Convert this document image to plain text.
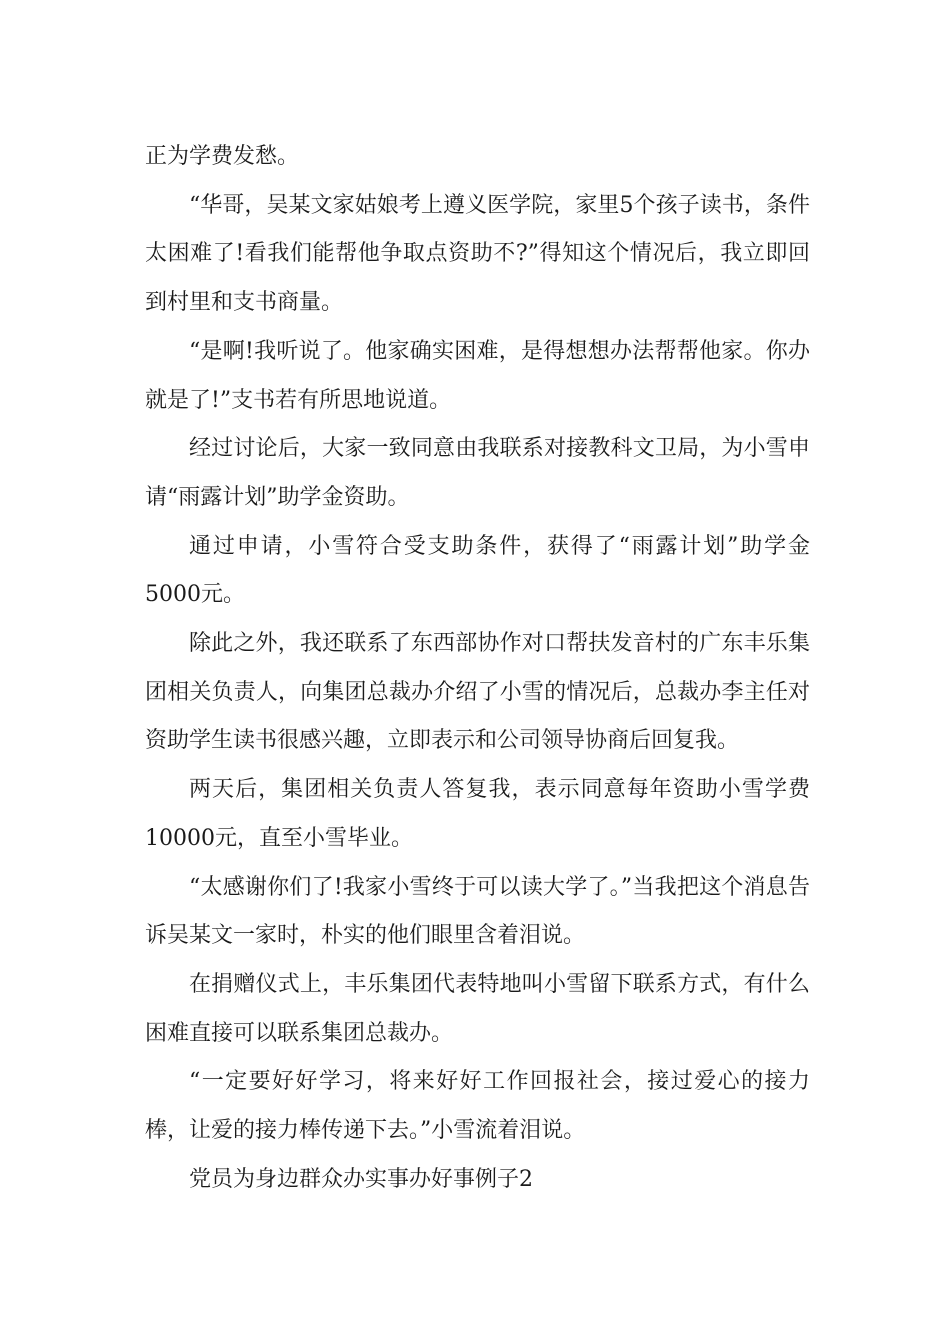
正为学费发愁。

“华哥，吴某文家姑娘考上遵义医学院，家里5个孩子读书，条件太困难了!看我们能帮他争取点资助不?”得知这个情况后，我立即回到村里和支书商量。

“是啊!我听说了。他家确实困难，是得想想办法帮帮他家。你办就是了!”支书若有所思地说道。

经过讨论后，大家一致同意由我联系对接教科文卫局，为小雪申请“雨露计划”助学金资助。

通过申请，小雪符合受支助条件，获得了“雨露计划”助学金5000元。

除此之外，我还联系了东西部协作对口帮扶发音村的广东丰乐集团相关负责人，向集团总裁办介绍了小雪的情况后，总裁办李主任对资助学生读书很感兴趣，立即表示和公司领导协商后回复我。

两天后，集团相关负责人答复我，表示同意每年资助小雪学费10000元，直至小雪毕业。

“太感谢你们了!我家小雪终于可以读大学了。”当我把这个消息告诉吴某文一家时，朴实的他们眼里含着泪说。

在捐赠仪式上，丰乐集团代表特地叫小雪留下联系方式，有什么困难直接可以联系集团总裁办。

“一定要好好学习，将来好好工作回报社会，接过爱心的接力棒，让爱的接力棒传递下去。”小雪流着泪说。

党员为身边群众办实事办好事例子2
